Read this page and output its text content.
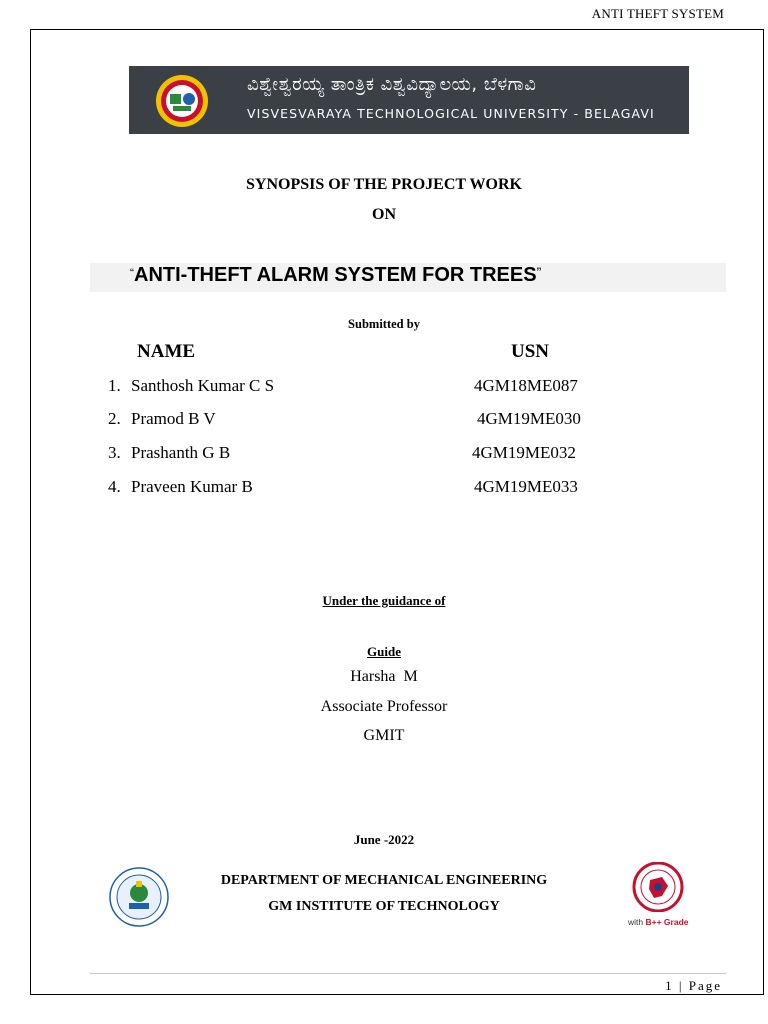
ANTI THEFT SYSTEM
ವಿಶ್ವೇಶ್ವರಯ್ಯ ತಾಂತ್ರಿಕ ವಿಶ್ವವಿದ್ಯಾಲಯ, ಬೆಳಗಾವಿ
VISVESVARAYA TECHNOLOGICAL UNIVERSITY - BELAGAVI
SYNOPSIS OF THE PROJECT WORK
ON
“ANTI-THEFT ALARM SYSTEM FOR TREES”
Submitted by
NAME	USN
1. Santhosh Kumar C S	4GM18ME087
2. Pramod B V	4GM19ME030
3. Prashanth G B	4GM19ME032
4. Praveen Kumar B	4GM19ME033
Under the guidance of
Guide
Harsha  M
Associate Professor
GMIT
June -2022
DEPARTMENT OF MECHANICAL ENGINEERING
GM INSTITUTE OF TECHNOLOGY
with B++ Grade
1 | Page
